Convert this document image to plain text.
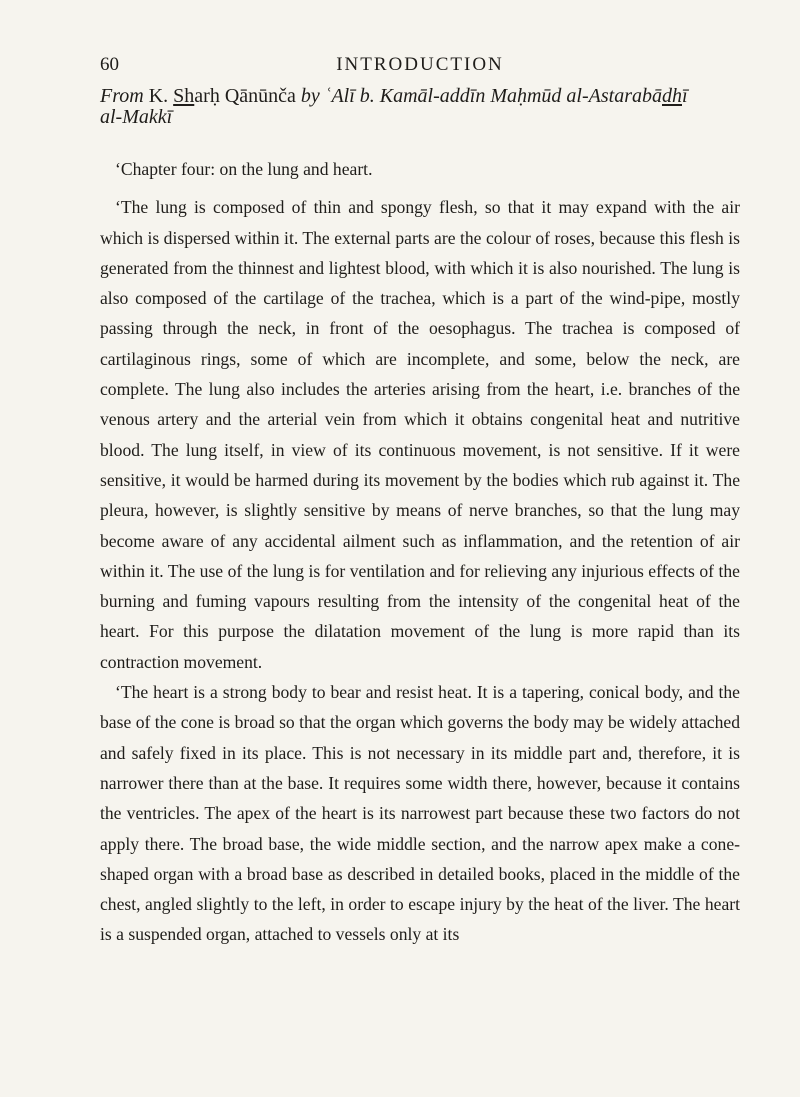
60	INTRODUCTION
From K. Sharḥ Qānūnča by ʿAlī b. Kamāl-addīn Maḥmūd al-Astarabādhī
al-Makkī

‘Chapter four: on the lung and heart.

‘The lung is composed of thin and spongy flesh, so that it may expand with the air which is dispersed within it. The external parts are the colour of roses, because this flesh is generated from the thinnest and lightest blood, with which it is also nourished. The lung is also composed of the cartilage of the trachea, which is a part of the wind-pipe, mostly passing through the neck, in front of the oesophagus. The trachea is composed of cartilaginous rings, some of which are incomplete, and some, below the neck, are complete. The lung also includes the arteries arising from the heart, i.e. branches of the venous artery and the arterial vein from which it obtains congenital heat and nutritive blood. The lung itself, in view of its continuous movement, is not sensitive. If it were sensitive, it would be harmed during its movement by the bodies which rub against it. The pleura, however, is slightly sensitive by means of nerve branches, so that the lung may become aware of any accidental ailment such as inflammation, and the retention of air within it. The use of the lung is for ventilation and for relieving any injurious effects of the burning and fuming vapours resulting from the intensity of the congenital heat of the heart. For this purpose the dilatation movement of the lung is more rapid than its contraction movement.

‘The heart is a strong body to bear and resist heat. It is a tapering, conical body, and the base of the cone is broad so that the organ which governs the body may be widely attached and safely fixed in its place. This is not necessary in its middle part and, therefore, it is narrower there than at the base. It requires some width there, however, because it contains the ventricles. The apex of the heart is its narrowest part because these two factors do not apply there. The broad base, the wide middle section, and the narrow apex make a cone-shaped organ with a broad base as described in detailed books, placed in the middle of the chest, angled slightly to the left, in order to escape injury by the heat of the liver. The heart is a suspended organ, attached to vessels only at its
